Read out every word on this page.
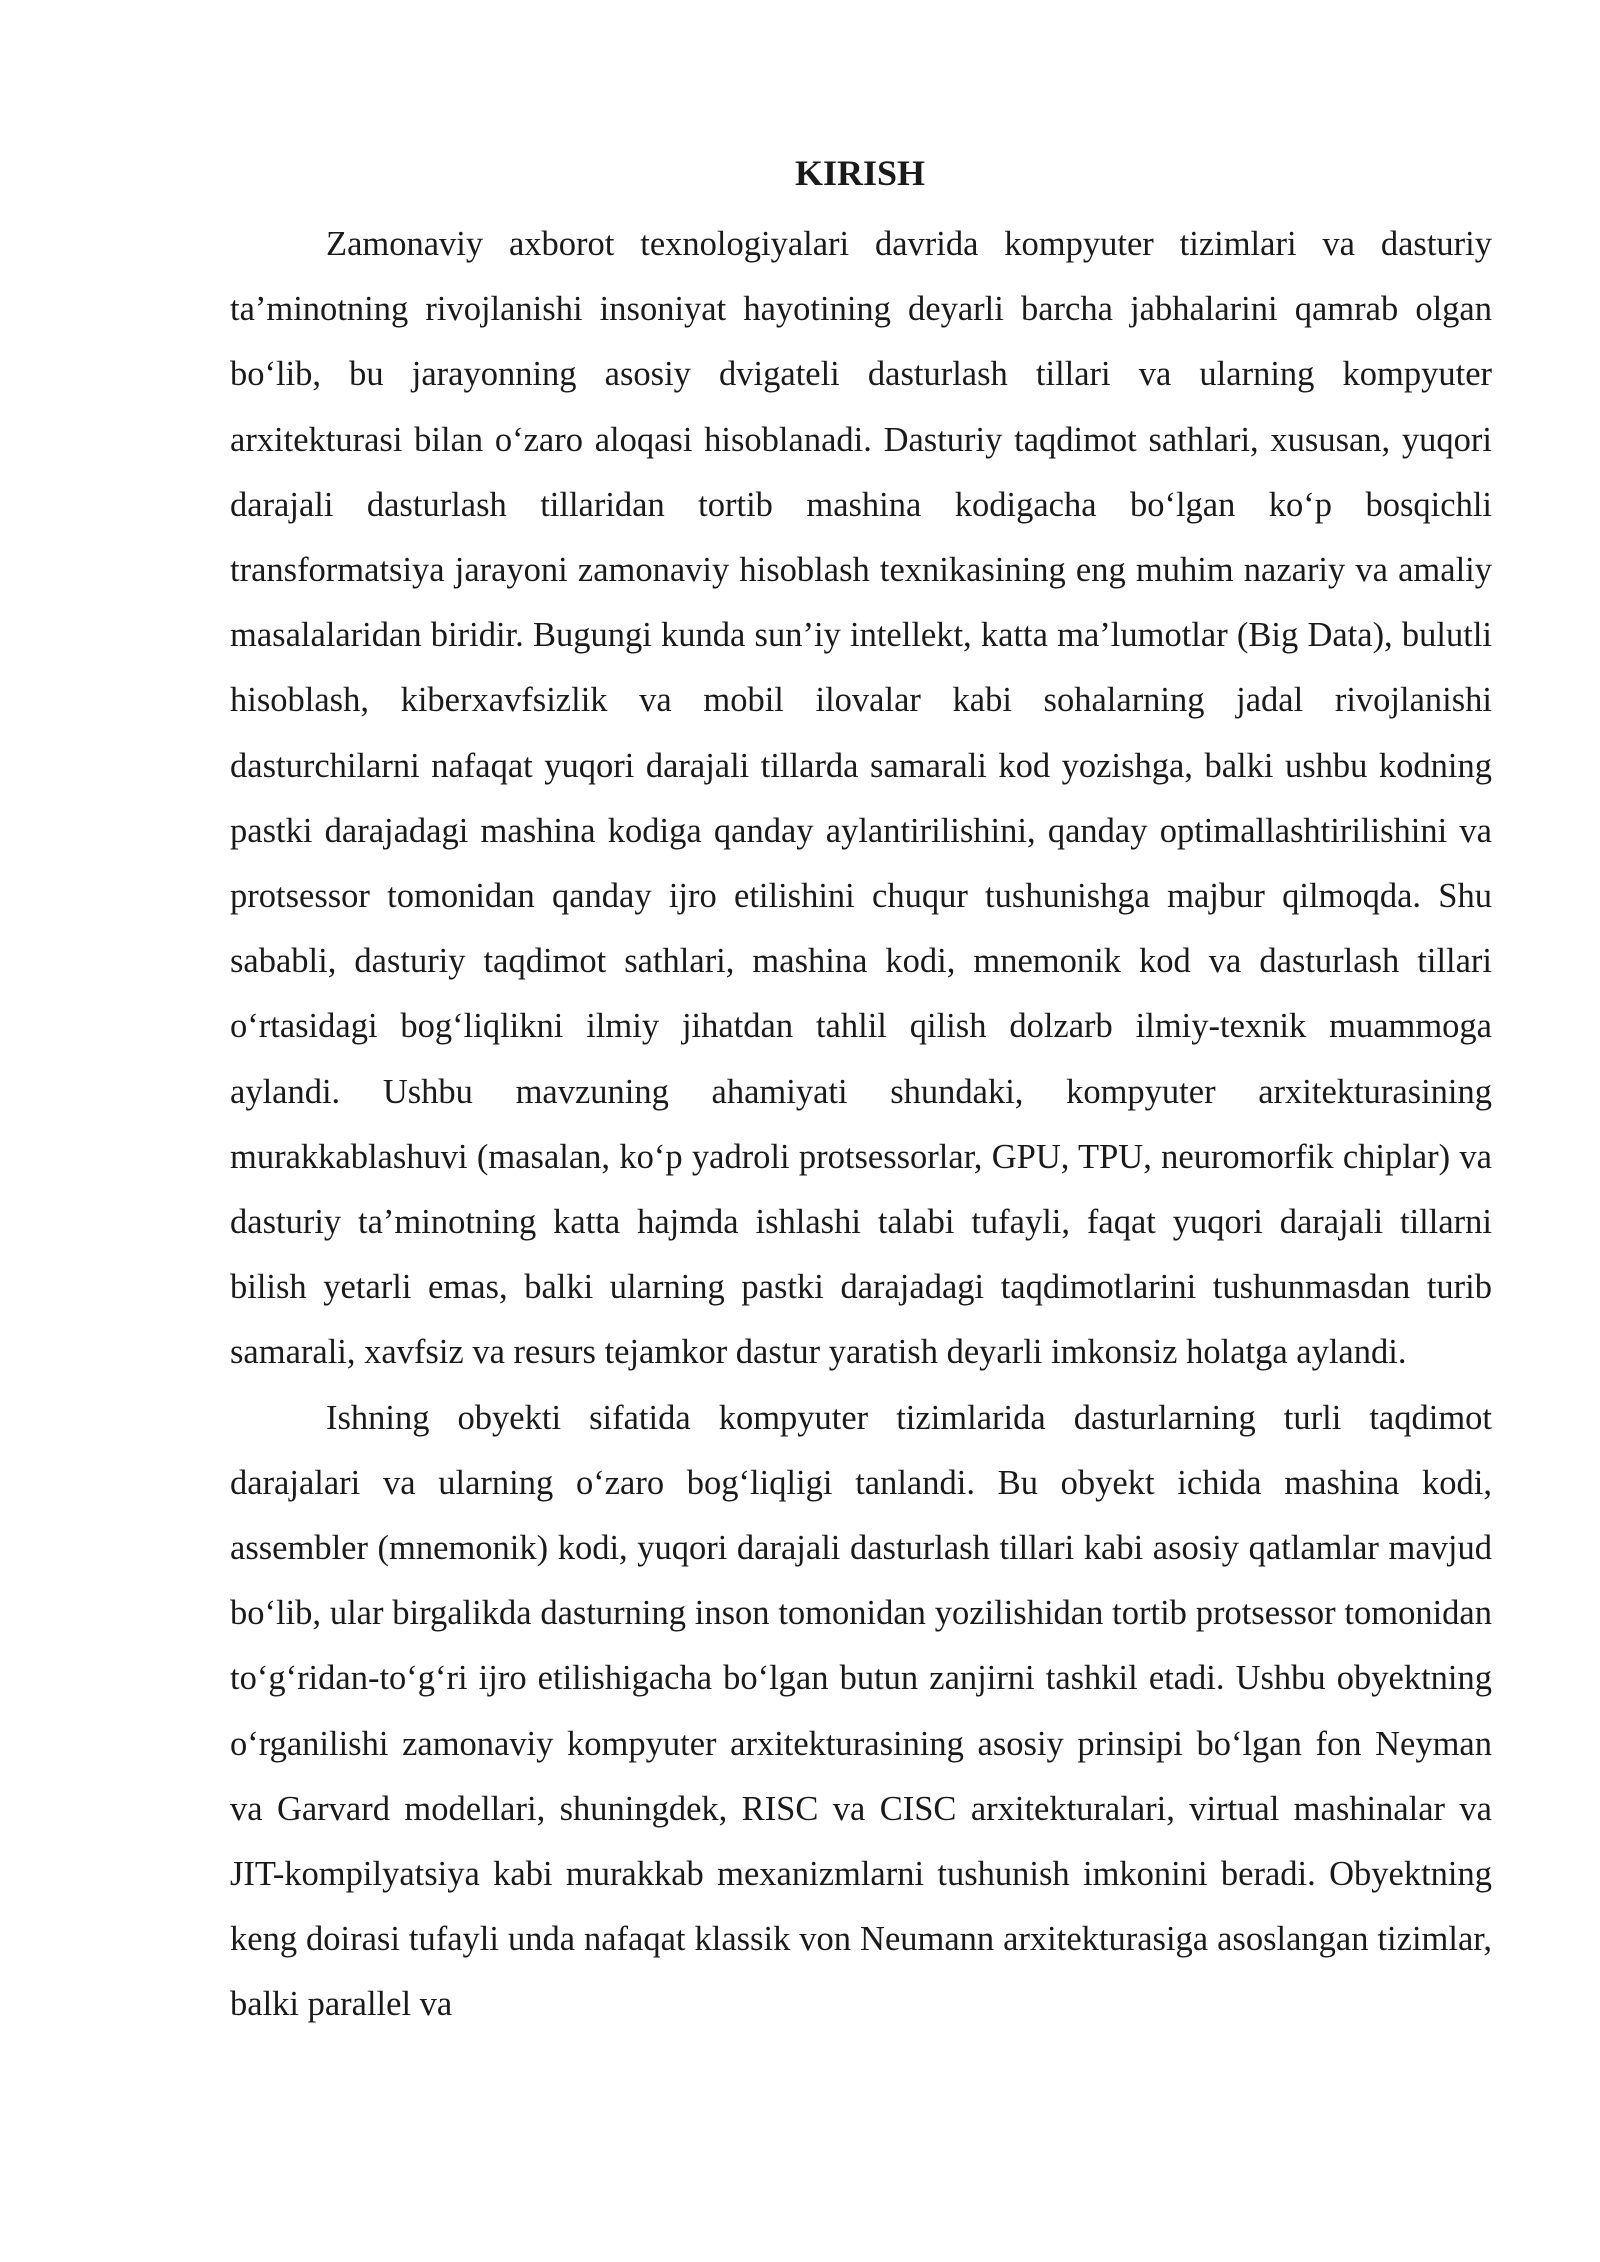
KIRISH

Zamonaviy axborot texnologiyalari davrida kompyuter tizimlari va dasturiy ta’minotning rivojlanishi insoniyat hayotining deyarli barcha jabhalarini qamrab olgan bo‘lib, bu jarayonning asosiy dvigateli dasturlash tillari va ularning kompyuter arxitekturasi bilan o‘zaro aloqasi hisoblanadi. Dasturiy taqdimot sathlari, xususan, yuqori darajali dasturlash tillaridan tortib mashina kodigacha bo‘lgan ko‘p bosqichli transformatsiya jarayoni zamonaviy hisoblash texnikasining eng muhim nazariy va amaliy masalalaridan biridir. Bugungi kunda sun’iy intellekt, katta ma’lumotlar (Big Data), bulutli hisoblash, kiberxavfsizlik va mobil ilovalar kabi sohalarning jadal rivojlanishi dasturchilarni nafaqat yuqori darajali tillarda samarali kod yozishga, balki ushbu kodning pastki darajadagi mashina kodiga qanday aylantirilishini, qanday optimallashtirilishini va protsessor tomonidan qanday ijro etilishini chuqur tushunishga majbur qilmoqda. Shu sababli, dasturiy taqdimot sathlari, mashina kodi, mnemonik kod va dasturlash tillari o‘rtasidagi bog‘liqlikni ilmiy jihatdan tahlil qilish dolzarb ilmiy-texnik muammoga aylandi. Ushbu mavzuning ahamiyati shundaki, kompyuter arxitekturasining murakkablashuvi (masalan, ko‘p yadroli protsessorlar, GPU, TPU, neuromorfik chiplar) va dasturiy ta’minotning katta hajmda ishlashi talabi tufayli, faqat yuqori darajali tillarni bilish yetarli emas, balki ularning pastki darajadagi taqdimotlarini tushunmasdan turib samarali, xavfsiz va resurs tejamkor dastur yaratish deyarli imkonsiz holatga aylandi.

Ishning obyekti sifatida kompyuter tizimlarida dasturlarning turli taqdimot darajalari va ularning o‘zaro bog‘liqligi tanlandi. Bu obyekt ichida mashina kodi, assembler (mnemonik) kodi, yuqori darajali dasturlash tillari kabi asosiy qatlamlar mavjud bo‘lib, ular birgalikda dasturning inson tomonidan yozilishidan tortib protsessor tomonidan to‘g‘ridan-to‘g‘ri ijro etilishigacha bo‘lgan butun zanjirni tashkil etadi. Ushbu obyektning o‘rganilishi zamonaviy kompyuter arxitekturasining asosiy prinsipi bo‘lgan fon Neyman va Garvard modellari, shuningdek, RISC va CISC arxitekturalari, virtual mashinalar va JIT-kompilyatsiya kabi murakkab mexanizmlarni tushunish imkonini beradi. Obyektning keng doirasi tufayli unda nafaqat klassik von Neumann arxitekturasiga asoslangan tizimlar, balki parallel va
